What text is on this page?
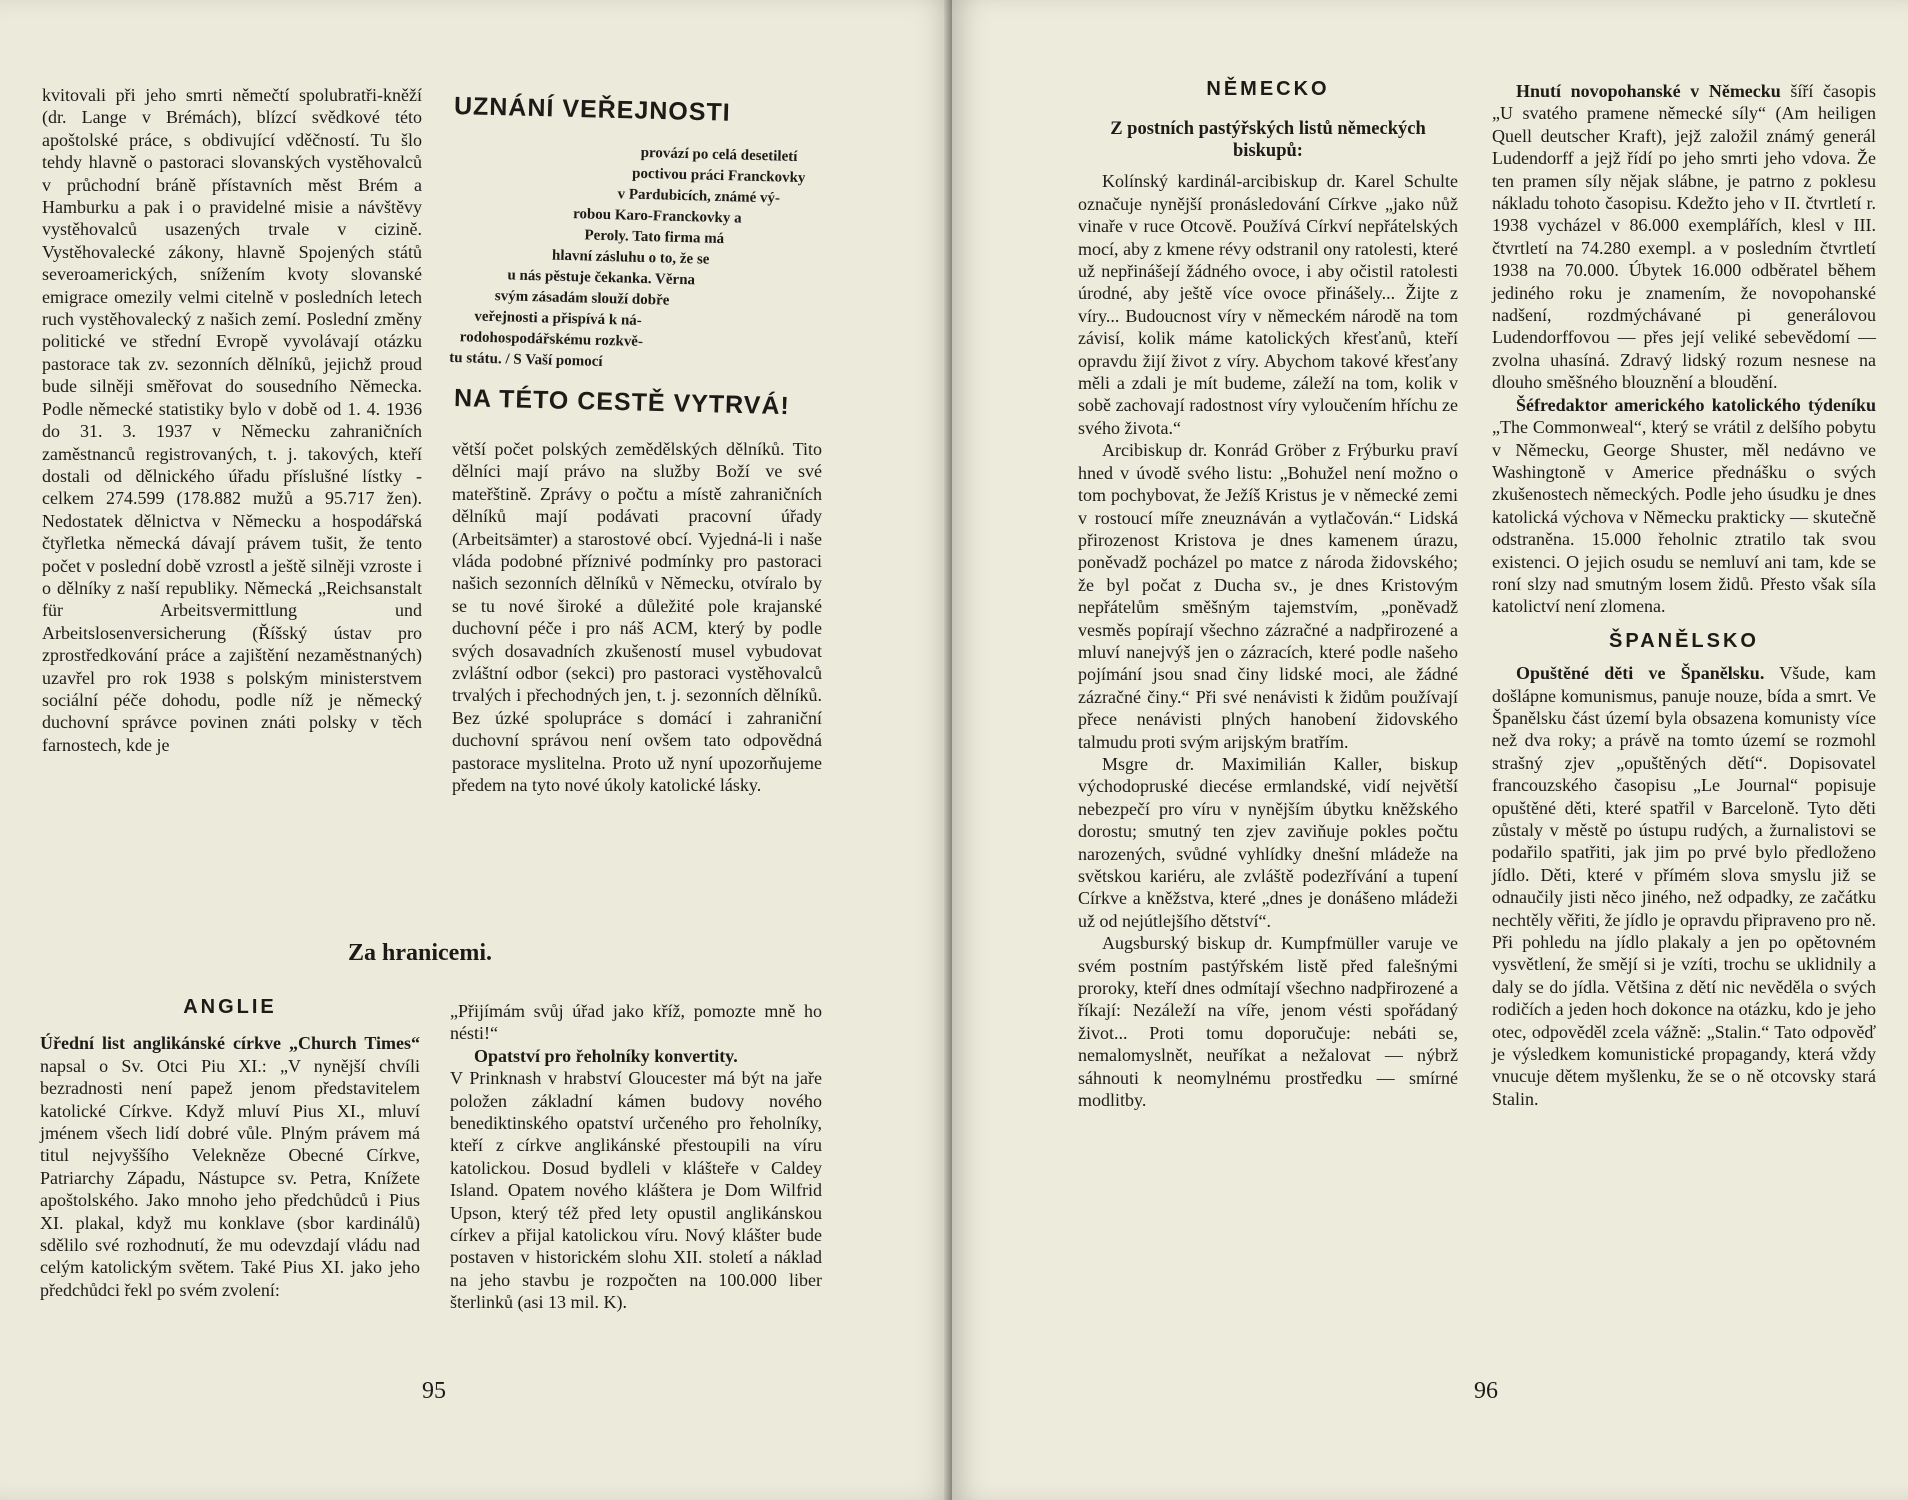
kvitovali při jeho smrti němečtí spolubratři-kněží (dr. Lange v Brémách), blízcí svědkové této apoštolské práce, s obdivující vděčností. Tu šlo tehdy hlavně o pastoraci slovanských vystěhovalců v průchodní bráně přístavních měst Brém a Hamburku a pak i o pravidelné misie a návštěvy vystěhovalců usazených trvale v cizině. Vystěhovalecké zákony, hlavně Spojených států severoamerických, snížením kvoty slovanské emigrace omezily velmi citelně v posledních letech ruch vystěhovalecký z našich zemí. Poslední změny politické ve střední Evropě vyvolávají otázku pastorace tak zv. sezonních dělníků, jejichž proud bude silněji směřovat do sousedního Německa. Podle německé statistiky bylo v době od 1. 4. 1936 do 31. 3. 1937 v Německu zahraničních zaměstnanců registrovaných, t. j. takových, kteří dostali od dělnického úřadu příslušné lístky - celkem 274.599 (178.882 mužů a 95.717 žen). Nedostatek dělnictva v Německu a hospodářská čtyřletka německá dávají právem tušit, že tento počet v poslední době vzrostl a ještě silněji vzroste i o dělníky z naší republiky. Německá „Reichsanstalt für Arbeitsvermittlung und Arbeitslosenversicherung (Říšský ústav pro zprostředkování práce a zajištění nezaměstnaných) uzavřel pro rok 1938 s polským ministerstvem sociální péče dohodu, podle níž je německý duchovní správce povinen znáti polsky v těch farnostech, kde je

UZNÁNÍ VEŘEJNOSTI
provází po celá desetiletí
poctivou práci Franckovky
v Pardubicích, známé vý-
robou Karo-Franckovky a
Peroly. Tato firma má
hlavní zásluhu o to, že se
u nás pěstuje čekanka. Věrna
svým zásadám slouží dobře
veřejnosti a přispívá k ná-
rodohospodářskému rozkvě-
tu státu. / S Vaší pomocí
NA TÉTO CESTĚ VYTRVÁ!

větší počet polských zemědělských dělníků. Tito dělníci mají právo na služby Boží ve své mateřštině. Zprávy o počtu a místě zahraničních dělníků mají podávati pracovní úřady (Arbeitsämter) a starostové obcí. Vyjedná-li i naše vláda podobné příznivé podmínky pro pastoraci našich sezonních dělníků v Německu, otvíralo by se tu nové široké a důležité pole krajanské duchovní péče i pro náš ACM, který by podle svých dosavadních zkušeností musel vybudovat zvláštní odbor (sekci) pro pastoraci vystěhovalců trvalých i přechodných jen, t. j. sezonních dělníků. Bez úzké spolupráce s domácí i zahraniční duchovní správou není ovšem tato odpovědná pastorace myslitelna. Proto už nyní upozorňujeme předem na tyto nové úkoly katolické lásky.

Za hranicemi.
ANGLIE

Úřední list anglikánské církve „Church Times“ napsal o Sv. Otci Piu XI.: „V nynější chvíli bezradnosti není papež jenom představitelem katolické Církve. Když mluví Pius XI., mluví jménem všech lidí dobré vůle. Plným právem má titul nejvyššího Velekněze Obecné Církve, Patriarchy Západu, Nástupce sv. Petra, Knížete apoštolského. Jako mnoho jeho předchůdců i Pius XI. plakal, když mu konklave (sbor kardinálů) sdělilo své rozhodnutí, že mu odevzdají vládu nad celým katolickým světem. Také Pius XI. jako jeho předchůdci řekl po svém zvolení:

„Přijímám svůj úřad jako kříž, pomozte mně ho nésti!“

Opatství pro řeholníky konvertity.

V Prinknash v hrabství Gloucester má být na jaře položen základní kámen budovy nového benediktinského opatství určeného pro řeholníky, kteří z církve anglikánské přestoupili na víru katolickou. Dosud bydleli v klášteře v Caldey Island. Opatem nového kláštera je Dom Wilfrid Upson, který též před lety opustil anglikánskou církev a přijal katolickou víru. Nový klášter bude postaven v historickém slohu XII. století a náklad na jeho stavbu je rozpočten na 100.000 liber šterlinků (asi 13 mil. K).

95
NĚMECKO
Z postních pastýřských listů německých biskupů:

Kolínský kardinál-arcibiskup dr. Karel Schulte označuje nynější pronásledování Církve „jako nůž vinaře v ruce Otcově. Používá Církví nepřátelských mocí, aby z kmene révy odstranil ony ratolesti, které už nepřinášejí žádného ovoce, i aby očistil ratolesti úrodné, aby ještě více ovoce přinášely... Žijte z víry... Budoucnost víry v německém národě na tom závisí, kolik máme katolických křesťanů, kteří opravdu žijí život z víry. Abychom takové křesťany měli a zdali je mít budeme, záleží na tom, kolik v sobě zachovají radostnost víry vyloučením hříchu ze svého života.“

Arcibiskup dr. Konrád Gröber z Frýburku praví hned v úvodě svého listu: „Bohužel není možno o tom pochybovat, že Ježíš Kristus je v německé zemi v rostoucí míře zneuznáván a vytlačován.“ Lidská přirozenost Kristova je dnes kamenem úrazu, poněvadž pocházel po matce z národa židovského; že byl počat z Ducha sv., je dnes Kristovým nepřátelům směšným tajemstvím, „poněvadž vesměs popírají všechno zázračné a nadpřirozené a mluví nanejvýš jen o zázracích, které podle našeho pojímání jsou snad činy lidské moci, ale žádné zázračné činy.“ Při své nenávisti k židům používají přece nenávisti plných hanobení židovského talmudu proti svým arijským bratřím.

Msgre dr. Maximilián Kaller, biskup východopruské diecése ermlandské, vidí největší nebezpečí pro víru v nynějším úbytku kněžského dorostu; smutný ten zjev zaviňuje pokles počtu narozených, svůdné vyhlídky dnešní mládeže na světskou kariéru, ale zvláště podezřívání a tupení Církve a kněžstva, které „dnes je donášeno mládeži už od nejútlejšího dětství“.

Augsburský biskup dr. Kumpfmüller varuje ve svém postním pastýřském listě před falešnými proroky, kteří dnes odmítají všechno nadpřirozené a říkají: Nezáleží na víře, jenom vésti spořádaný život... Proti tomu doporučuje: nebáti se, nemalomyslnět, neuříkat a nežalovat — nýbrž sáhnouti k neomylnému prostředku — smírné modlitby.

Hnutí novopohanské v Německu šíří časopis „U svatého pramene německé síly“ (Am heiligen Quell deutscher Kraft), jejž založil známý generál Ludendorff a jejž řídí po jeho smrti jeho vdova. Že ten pramen síly nějak slábne, je patrno z poklesu nákladu tohoto časopisu. Kdežto jeho v II. čtvrtletí r. 1938 vycházel v 86.000 exemplářích, klesl v III. čtvrtletí na 74.280 exempl. a v posledním čtvrtletí 1938 na 70.000. Úbytek 16.000 odběratel během jediného roku je znamením, že novopohanské nadšení, rozdmýchávané pi generálovou Ludendorffovou — přes její veliké sebevědomí — zvolna uhasíná. Zdravý lidský rozum nesnese na dlouho směšného blouznění a bloudění.

Šéfredaktor amerického katolického týdeníku „The Commonweal“, který se vrátil z delšího pobytu v Německu, George Shuster, měl nedávno ve Washingtoně v Americe přednášku o svých zkušenostech německých. Podle jeho úsudku je dnes katolická výchova v Německu prakticky — skutečně odstraněna. 15.000 řeholnic ztratilo tak svou existenci. O jejich osudu se nemluví ani tam, kde se roní slzy nad smutným losem židů. Přesto však síla katolictví není zlomena.

ŠPANĚLSKO

Opuštěné děti ve Španělsku. Všude, kam došlápne komunismus, panuje nouze, bída a smrt. Ve Španělsku část území byla obsazena komunisty více než dva roky; a právě na tomto území se rozmohl strašný zjev „opuštěných dětí“. Dopisovatel francouzského časopisu „Le Journal“ popisuje opuštěné děti, které spatřil v Barceloně. Tyto děti zůstaly v městě po ústupu rudých, a žurnalistovi se podařilo spatřiti, jak jim po prvé bylo předloženo jídlo. Děti, které v přímém slova smyslu již se odnaučily jisti něco jiného, než odpadky, ze začátku nechtěly věřiti, že jídlo je opravdu připraveno pro ně. Při pohledu na jídlo plakaly a jen po opětovném vysvětlení, že smějí si je vzíti, trochu se uklidnily a daly se do jídla. Většina z dětí nic nevěděla o svých rodičích a jeden hoch dokonce na otázku, kdo je jeho otec, odpověděl zcela vážně: „Stalin.“ Tato odpověď je výsledkem komunistické propagandy, která vždy vnucuje dětem myšlenku, že se o ně otcovsky stará Stalin.

96
